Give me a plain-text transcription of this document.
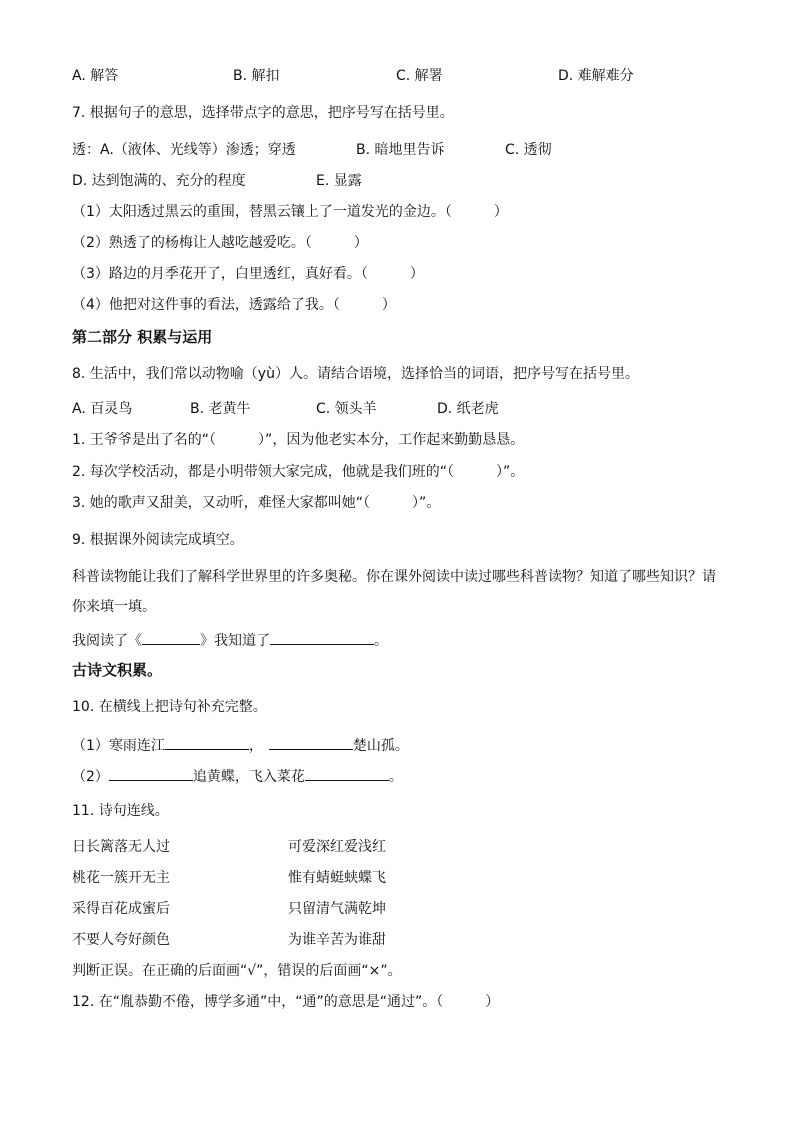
A. 解答	B. 解扣	C. 解署	D. 难解难分
7. 根据句子的意思，选择带点字的意思，把序号写在括号里。
透：A.（液体、光线等）渗透；穿透	B. 暗地里告诉	C. 透彻
D. 达到饱满的、充分的程度	E. 显露
（1）太阳透过黑云的重围，替黑云镶上了一道发光的金边。（　　　）
（2）熟透了的杨梅让人越吃越爱吃。（　　　）
（3）路边的月季花开了，白里透红，真好看。（　　　）
（4）他把对这件事的看法，透露给了我。（　　　）
第二部分 积累与运用
8. 生活中，我们常以动物喻（yù）人。请结合语境，选择恰当的词语，把序号写在括号里。
A. 百灵鸟	B. 老黄牛	C. 领头羊	D. 纸老虎
1. 王爷爷是出了名的“（　　　）”，因为他老实本分，工作起来勤勤恳恳。
2. 每次学校活动，都是小明带领大家完成，他就是我们班的“（　　　）”。
3. 她的歌声又甜美，又动听，难怪大家都叫她“（　　　）”。
9. 根据课外阅读完成填空。
科普读物能让我们了解科学世界里的许多奥秘。你在课外阅读中读过哪些科普读物？知道了哪些知识？请你来填一填。
我阅读了《	》我知道了	。
古诗文积累。
10. 在横线上把诗句补充完整。
（1）寒雨连江	，	楚山孤。
（2）	追黄蝶，飞入菜花	。
11. 诗句连线。
日长篱落无人过	可爱深红爱浅红
桃花一簇开无主	惟有蜻蜓蛱蝶飞
采得百花成蜜后	只留清气满乾坤
不要人夸好颜色	为谁辛苦为谁甜
判断正误。在正确的后面画“√”，错误的后面画“×”。
12. 在“胤恭勤不倦，博学多通”中，“通”的意思是“通过”。（　　　）
